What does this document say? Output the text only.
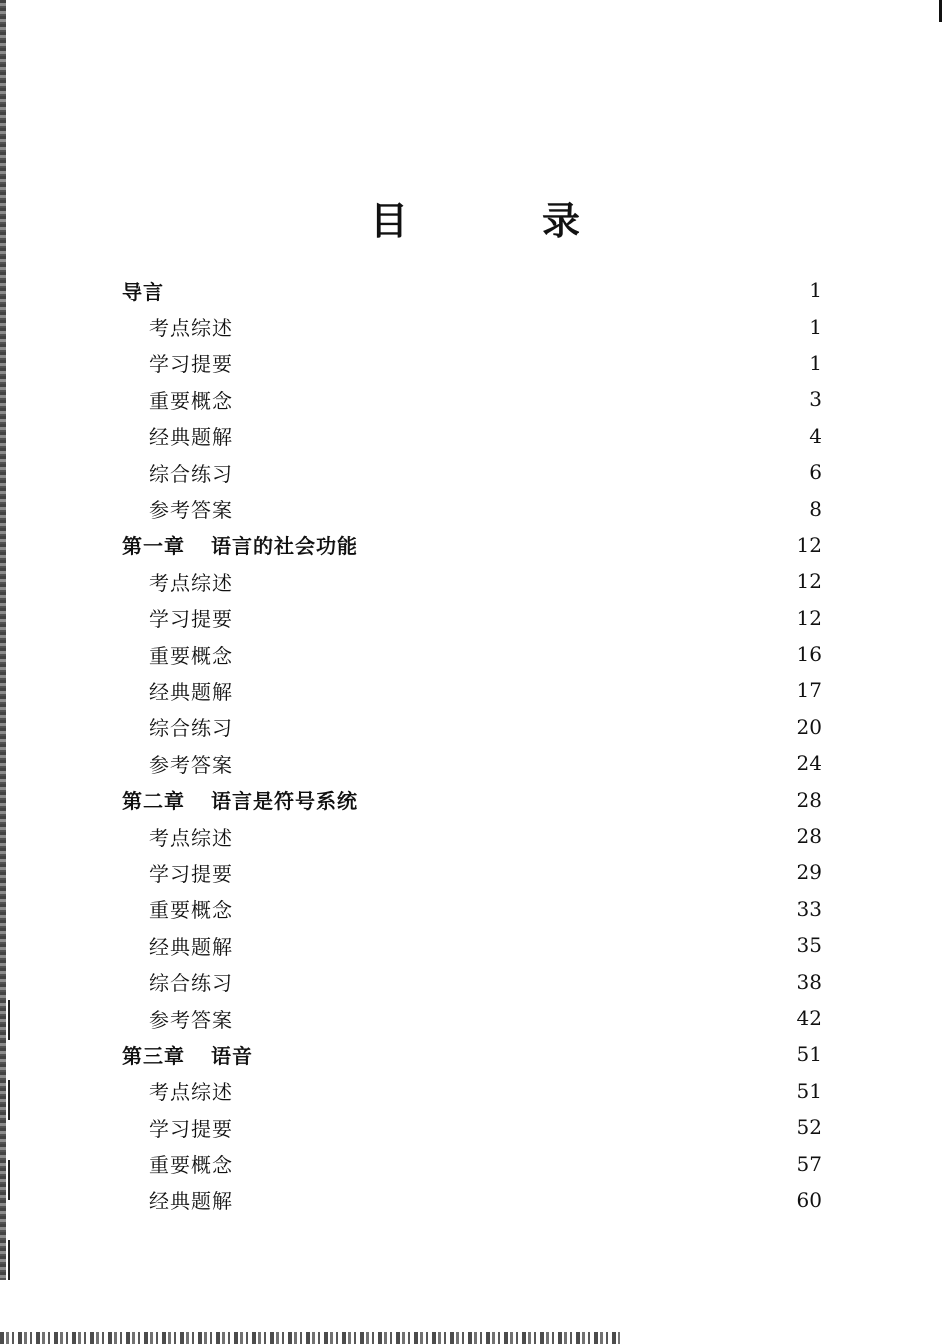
目　录
导言	1
考点综述	1
学习提要	1
重要概念	3
经典题解	4
综合练习	6
参考答案	8
第一章 语言的社会功能	12
考点综述	12
学习提要	12
重要概念	16
经典题解	17
综合练习	20
参考答案	24
第二章 语言是符号系统	28
考点综述	28
学习提要	29
重要概念	33
经典题解	35
综合练习	38
参考答案	42
第三章 语音	51
考点综述	51
学习提要	52
重要概念	57
经典题解	60
